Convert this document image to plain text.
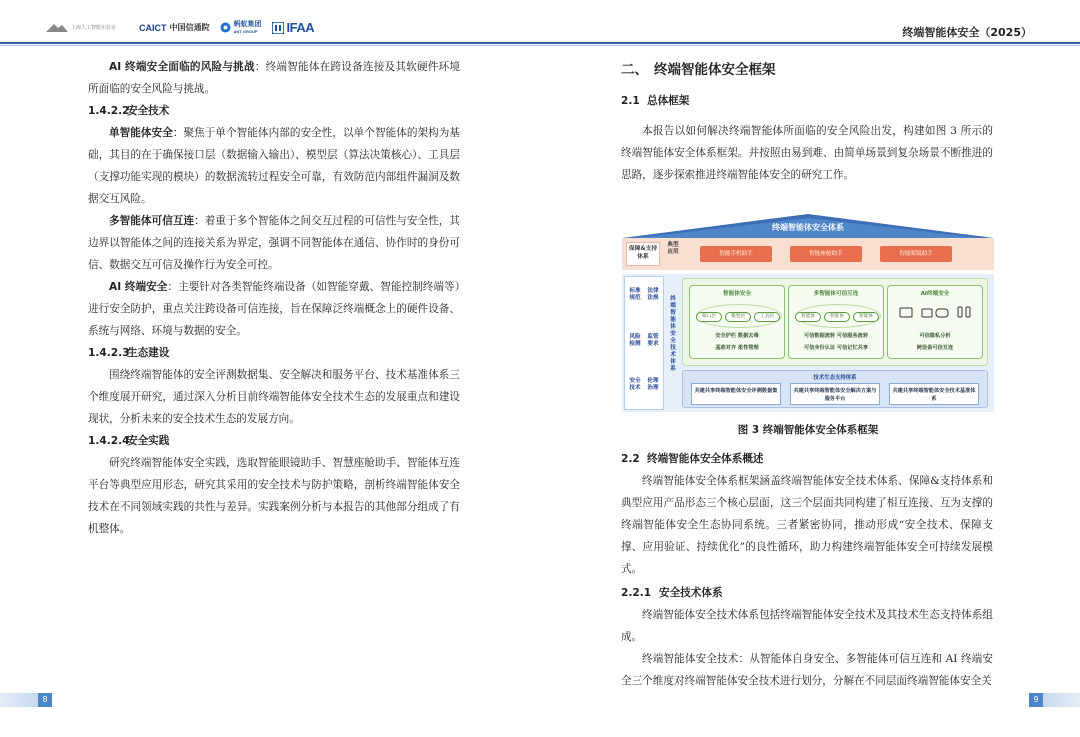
上海人工智能实验室	CAICT 中国信通院	蚂蚁集团
ANT GROUP	IFAA	终端智能体安全（2025）

AI 终端安全面临的风险与挑战：终端智能体在跨设备连接及其软硬件环境所面临的安全风险与挑战。

1.4.2.2安全技术

单智能体安全：聚焦于单个智能体内部的安全性，以单个智能体的架构为基础，其目的在于确保接口层（数据输入输出）、模型层（算法决策核心）、工具层（支撑功能实现的模块）的数据流转过程安全可靠，有效防范内部组件漏洞及数据交互风险。

多智能体可信互连：着重于多个智能体之间交互过程的可信性与安全性，其边界以智能体之间的连接关系为界定，强调不同智能体在通信、协作时的身份可信、数据交互可信及操作行为安全可控。

AI 终端安全：主要针对各类智能终端设备（如智能穿戴、智能控制终端等）进行安全防护，重点关注跨设备可信连接，旨在保障泛终端概念上的硬件设备、系统与网络、环境与数据的安全。

1.4.2.3生态建设

围绕终端智能体的安全评测数据集、安全解决和服务平台、技术基准体系三个维度展开研究，通过深入分析目前终端智能体安全技术生态的发展重点和建设现状，分析未来的安全技术生态的发展方向。

1.4.2.4安全实践

研究终端智能体安全实践，选取智能眼镜助手、智慧座舱助手、智能体互连平台等典型应用形态，研究其采用的安全技术与防护策略，剖析终端智能体安全技术在不同领域实践的共性与差异。实践案例分析与本报告的其他部分组成了有机整体。

二、 终端智能体安全框架

2.1 总体框架

本报告以如何解决终端智能体所面临的安全风险出发，构建如图 3 所示的终端智能体安全体系框架。并按照由易到难、由简单场景到复杂场景不断推进的思路，逐步探索推进终端智能体安全的研究工作。

终端智能体安全体系
保障&支持体系
典型应用	智能手机助手	智能座舱助手	智能眼镜助手
标准规范
风险检测
安全技术
法律法规
监管要求
伦理治理
终端智能体安全技术体系
智能体安全
接口层	模型层	工具层
安全护栏 数据去毒
基准对齐 柔性管理
多智能体可信互连
智能体	智能体	智能体
可信数据流转 可信服务流转
可信身份认证 可信记忆共享
AI终端安全
可信隐私分析
跨设备可信互连
技术生态支持体系
共建共享终端智能体安全评测数据集	共建共享终端智能体安全解决方案与服务平台
共建共享终端智能体安全技术基准体系
图 3 终端智能体安全体系框架

2.2 终端智能体安全体系概述

终端智能体安全体系框架涵盖终端智能体安全技术体系、保障&支持体系和典型应用产品形态三个核心层面，这三个层面共同构建了相互连接、互为支撑的终端智能体安全生态协同系统。三者紧密协同，推动形成“安全技术、保障支撑、应用验证、持续优化”的良性循环，助力构建终端智能体安全可持续发展模式。

2.2.1 安全技术体系

终端智能体安全技术体系包括终端智能体安全技术及其技术生态支持体系组成。

终端智能体安全技术：从智能体自身安全、多智能体可信互连和 AI 终端安全三个维度对终端智能体安全技术进行划分，分解在不同层面终端智能体安全关

8	9
